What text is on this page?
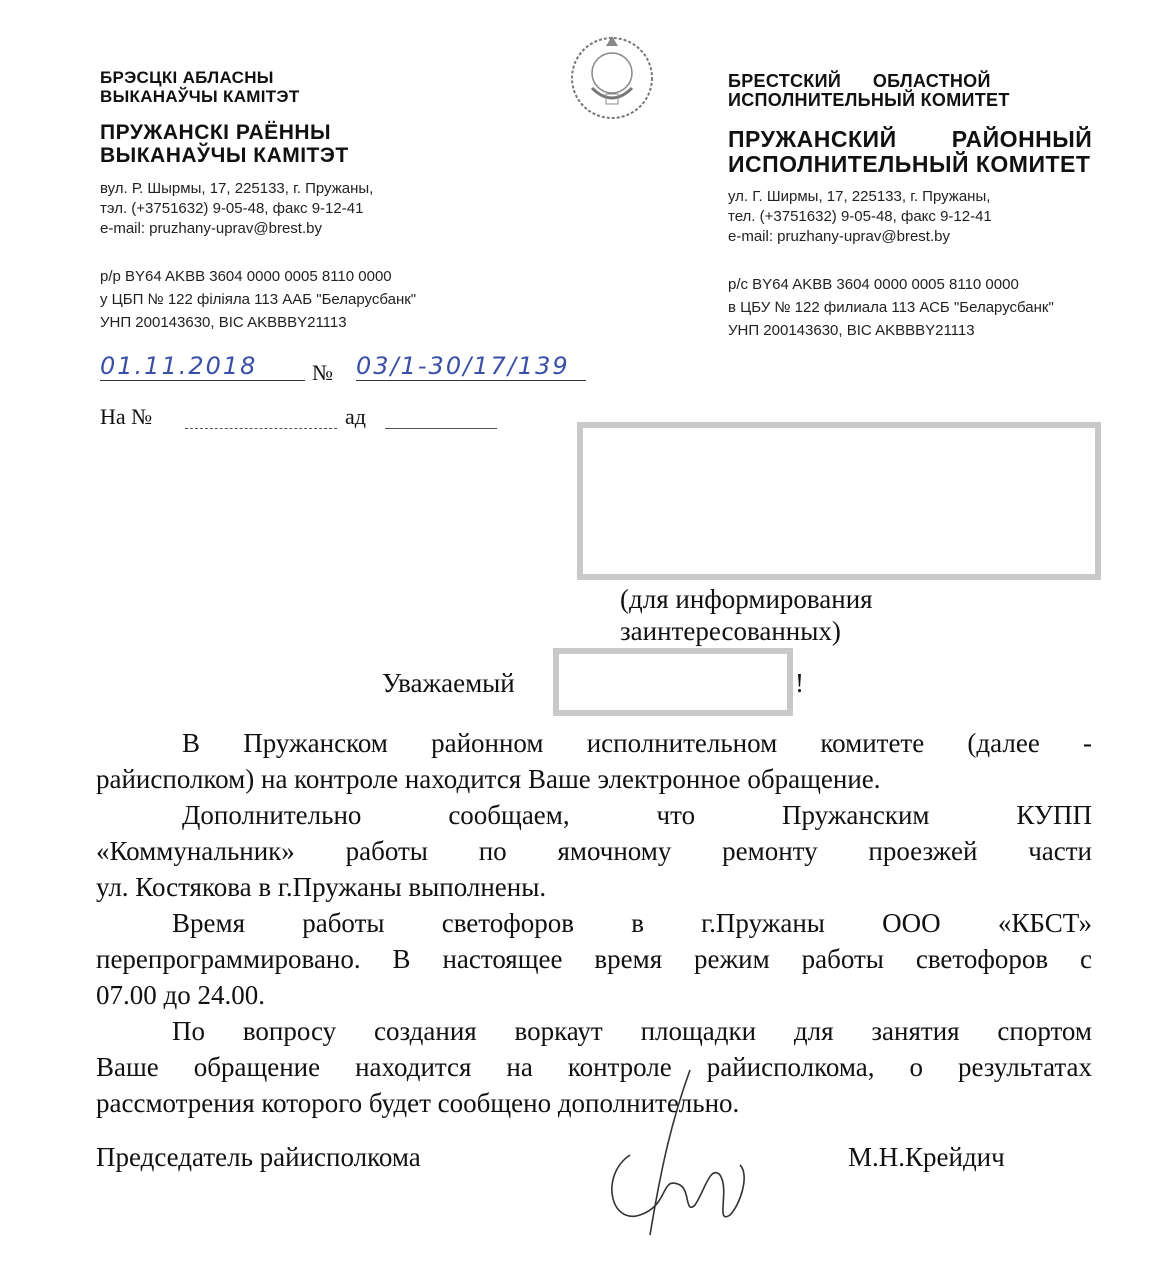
БРЭСЦКІ АБЛАСНЫ
ВЫКАНАЎЧЫ КАМІТЭТ
ПРУЖАНСКІ РАЁННЫ
ВЫКАНАЎЧЫ КАМІТЭТ
вул. Р. Шырмы, 17, 225133, г. Пружаны,
тэл. (+3751632) 9-05-48, факс 9-12-41
e-mail: pruzhany-uprav@brest.by
р/р BY64 AKBB 3604 0000 0005 8110 0000
у ЦБП № 122 філіяла 113 ААБ "Беларусбанк"
УНП 200143630, BIC AKBBBY21113
БРЕСТСКИЙ      ОБЛАСТНОЙ
ИСПОЛНИТЕЛЬНЫЙ КОМИТЕТ
ПРУЖАНСКИЙ        РАЙОННЫЙ
ИСПОЛНИТЕЛЬНЫЙ КОМИТЕТ
ул. Г. Ширмы, 17, 225133, г. Пружаны,
тел. (+3751632) 9-05-48, факс 9-12-41
e-mail: pruzhany-uprav@brest.by
р/с BY64 AKBB 3604 0000 0005 8110 0000
в ЦБУ № 122 филиала 113 АСБ "Беларусбанк"
УНП 200143630, BIC AKBBBY21113
01.11.2018	№ 03/1-30/17/139
На №	ад
(для информирования
заинтересованных)
Уважаемый	!
В Пружанском районном исполнительном комитете (далее -
райисполком) на контроле находится Ваше электронное обращение.
Дополнительно сообщаем, что Пружанским КУПП
«Коммунальник» работы по ямочному ремонту проезжей части
ул. Костякова в г.Пружаны выполнены.
Время работы светофоров в г.Пружаны ООО «КБСТ»
перепрограммировано. В настоящее время режим работы светофоров с
07.00 до 24.00.
По вопросу создания воркаут площадки для занятия спортом
Ваше обращение находится на контроле райисполкома, о результатах
рассмотрения которого будет сообщено дополнительно.
Председатель райисполкома	М.Н.Крейдич
